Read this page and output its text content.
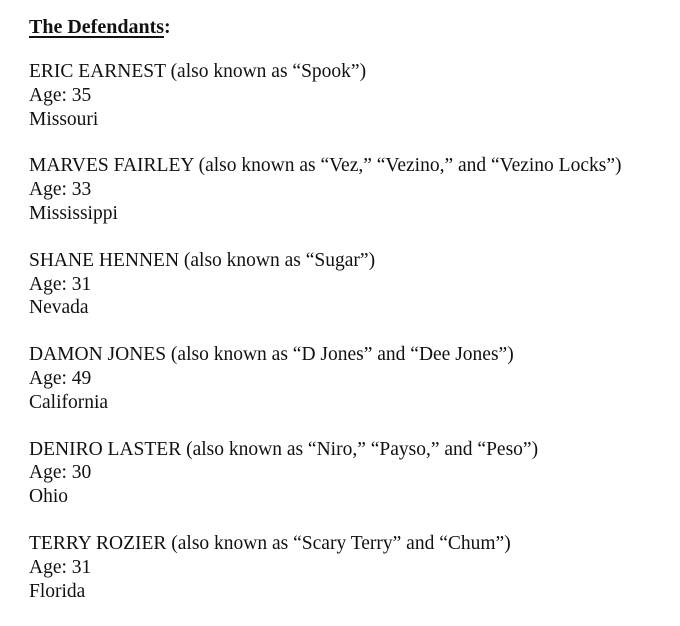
The Defendants:
ERIC EARNEST (also known as “Spook”)
Age: 35
Missouri
MARVES FAIRLEY (also known as “Vez,” “Vezino,” and “Vezino Locks”)
Age: 33
Mississippi
SHANE HENNEN (also known as “Sugar”)
Age: 31
Nevada
DAMON JONES (also known as “D Jones” and “Dee Jones”)
Age: 49
California
DENIRO LASTER (also known as “Niro,” “Payso,” and “Peso”)
Age: 30
Ohio
TERRY ROZIER (also known as “Scary Terry” and “Chum”)
Age: 31
Florida
